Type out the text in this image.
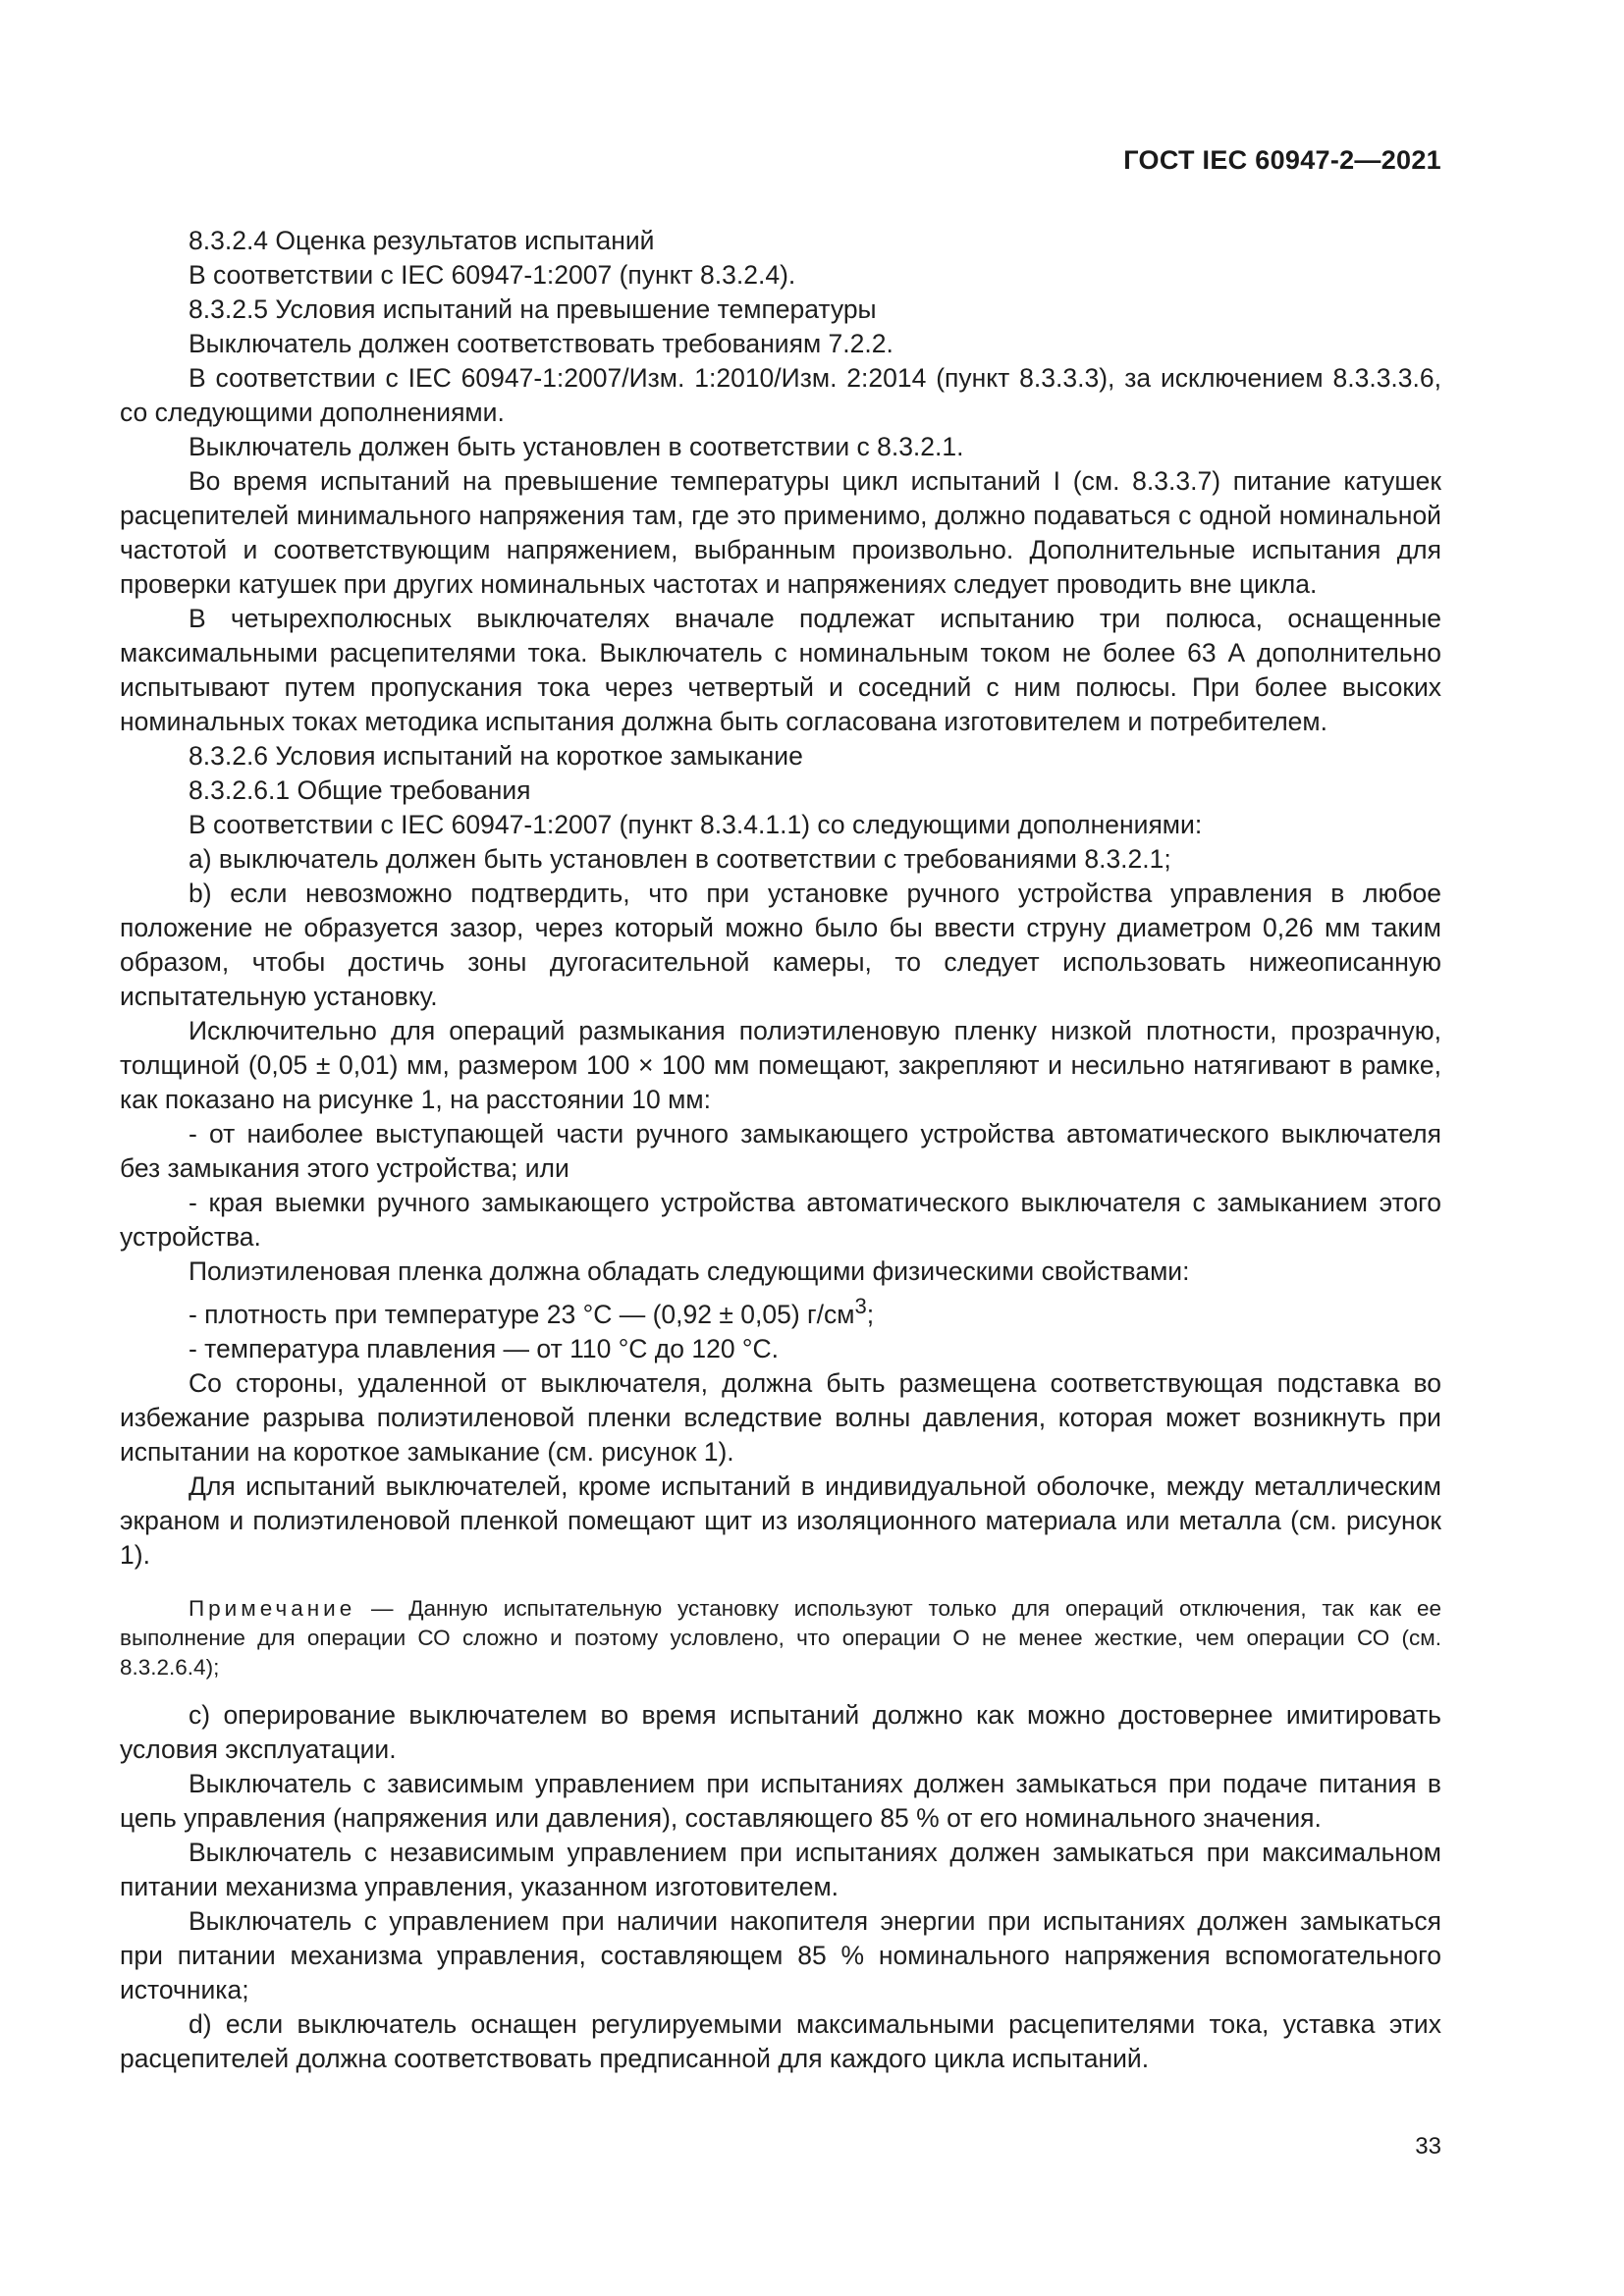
ГОСТ IEC 60947-2—2021

8.3.2.4 Оценка результатов испытаний

В соответствии с IEC 60947-1:2007 (пункт 8.3.2.4).

8.3.2.5 Условия испытаний на превышение температуры

Выключатель должен соответствовать требованиям 7.2.2.

В соответствии с IEC 60947-1:2007/Изм. 1:2010/Изм. 2:2014 (пункт 8.3.3.3), за исключением 8.3.3.3.6, со следующими дополнениями.

Выключатель должен быть установлен в соответствии с 8.3.2.1.

Во время испытаний на превышение температуры цикл испытаний I (см. 8.3.3.7) питание катушек расцепителей минимального напряжения там, где это применимо, должно подаваться с одной номинальной частотой и соответствующим напряжением, выбранным произвольно. Дополнительные испытания для проверки катушек при других номинальных частотах и напряжениях следует проводить вне цикла.

В четырехполюсных выключателях вначале подлежат испытанию три полюса, оснащенные максимальными расцепителями тока. Выключатель с номинальным током не более 63 А дополнительно испытывают путем пропускания тока через четвертый и соседний с ним полюсы. При более высоких номинальных токах методика испытания должна быть согласована изготовителем и потребителем.

8.3.2.6 Условия испытаний на короткое замыкание

8.3.2.6.1 Общие требования

В соответствии с IEC 60947-1:2007 (пункт 8.3.4.1.1) со следующими дополнениями:

a) выключатель должен быть установлен в соответствии с требованиями 8.3.2.1;

b) если невозможно подтвердить, что при установке ручного устройства управления в любое положение не образуется зазор, через который можно было бы ввести струну диаметром 0,26 мм таким образом, чтобы достичь зоны дугогасительной камеры, то следует использовать нижеописанную испытательную установку.

Исключительно для операций размыкания полиэтиленовую пленку низкой плотности, прозрачную, толщиной (0,05 ± 0,01) мм, размером 100 × 100 мм помещают, закрепляют и несильно натягивают в рамке, как показано на рисунке 1, на расстоянии 10 мм:

- от наиболее выступающей части ручного замыкающего устройства автоматического выключателя без замыкания этого устройства; или

- края выемки ручного замыкающего устройства автоматического выключателя с замыканием этого устройства.

Полиэтиленовая пленка должна обладать следующими физическими свойствами:

- плотность при температуре 23 °С — (0,92 ± 0,05) $г/см^3$;

- температура плавления — от 110 °С до 120 °С.

Со стороны, удаленной от выключателя, должна быть размещена соответствующая подставка во избежание разрыва полиэтиленовой пленки вследствие волны давления, которая может возникнуть при испытании на короткое замыкание (см. рисунок 1).

Для испытаний выключателей, кроме испытаний в индивидуальной оболочке, между металлическим экраном и полиэтиленовой пленкой помещают щит из изоляционного материала или металла (см. рисунок 1).

Примечание — Данную испытательную установку используют только для операций отключения, так как ее выполнение для операции СО сложно и поэтому условлено, что операции О не менее жесткие, чем операции СО (см. 8.3.2.6.4);

c) оперирование выключателем во время испытаний должно как можно достовернее имитировать условия эксплуатации.

Выключатель с зависимым управлением при испытаниях должен замыкаться при подаче питания в цепь управления (напряжения или давления), составляющего 85 % от его номинального значения.

Выключатель с независимым управлением при испытаниях должен замыкаться при максимальном питании механизма управления, указанном изготовителем.

Выключатель с управлением при наличии накопителя энергии при испытаниях должен замыкаться при питании механизма управления, составляющем 85 % номинального напряжения вспомогательного источника;

d) если выключатель оснащен регулируемыми максимальными расцепителями тока, уставка этих расцепителей должна соответствовать предписанной для каждого цикла испытаний.

33
